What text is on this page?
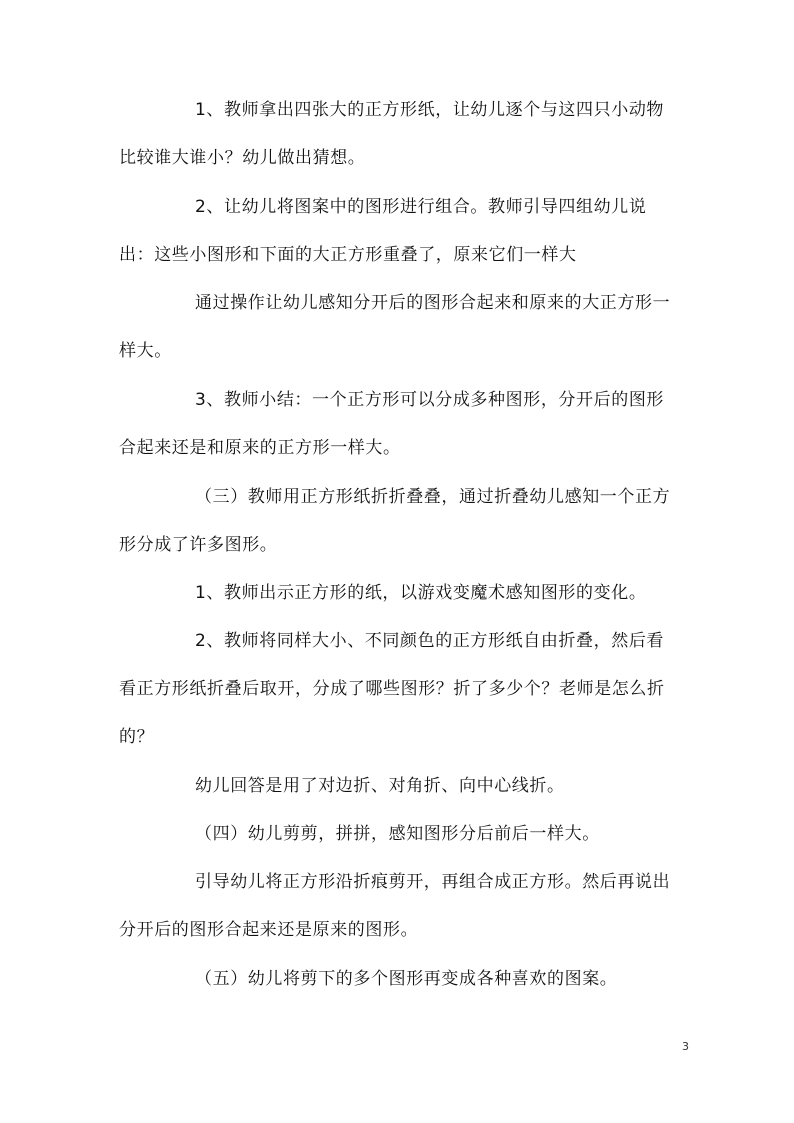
1、教师拿出四张大的正方形纸，让幼儿逐个与这四只小动物比较谁大谁小？幼儿做出猜想。

2、让幼儿将图案中的图形进行组合。教师引导四组幼儿说出：这些小图形和下面的大正方形重叠了，原来它们一样大

通过操作让幼儿感知分开后的图形合起来和原来的大正方形一样大。

3、教师小结：一个正方形可以分成多种图形，分开后的图形合起来还是和原来的正方形一样大。

（三）教师用正方形纸折折叠叠，通过折叠幼儿感知一个正方形分成了许多图形。

1、教师出示正方形的纸，以游戏变魔术感知图形的变化。

2、教师将同样大小、不同颜色的正方形纸自由折叠，然后看看正方形纸折叠后取开，分成了哪些图形？折了多少个？老师是怎么折的？

幼儿回答是用了对边折、对角折、向中心线折。

（四）幼儿剪剪，拼拼，感知图形分后前后一样大。

引导幼儿将正方形沿折痕剪开，再组合成正方形。然后再说出分开后的图形合起来还是原来的图形。

（五）幼儿将剪下的多个图形再变成各种喜欢的图案。

3
